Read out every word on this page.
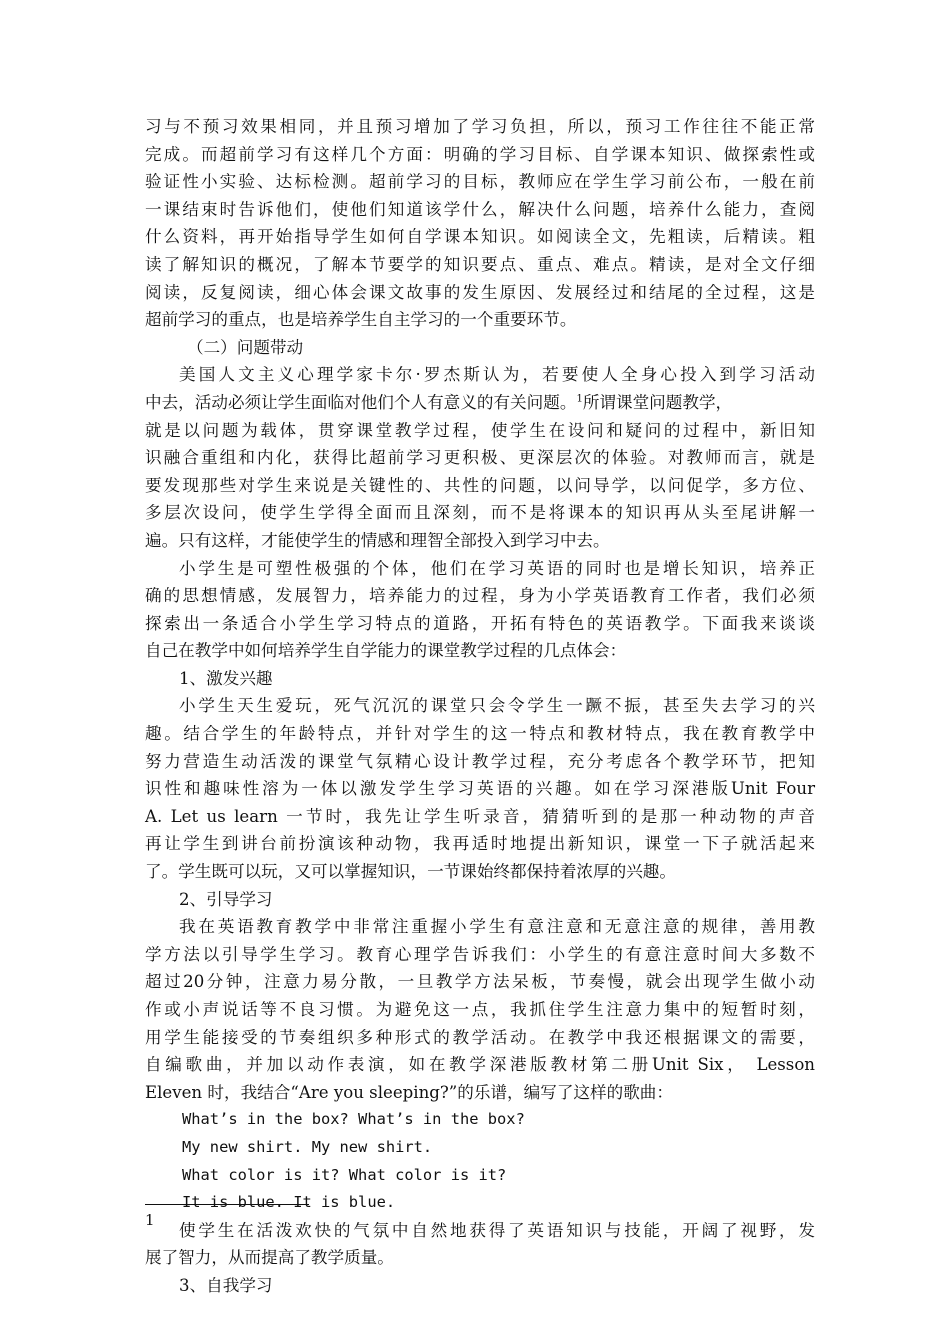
习与不预习效果相同，并且预习增加了学习负担，所以，预习工作往往不能正常
完成。而超前学习有这样几个方面：明确的学习目标、自学课本知识、做探索性或
验证性小实验、达标检测。超前学习的目标，教师应在学生学习前公布，一般在前
一课结束时告诉他们，使他们知道该学什么，解决什么问题，培养什么能力，查阅
什么资料，再开始指导学生如何自学课本知识。如阅读全文，先粗读，后精读。粗
读了解知识的概况，了解本节要学的知识要点、重点、难点。精读，是对全文仔细
阅读，反复阅读，细心体会课文故事的发生原因、发展经过和结尾的全过程，这是
超前学习的重点，也是培养学生自主学习的一个重要环节。
（二）问题带动
美国人文主义心理学家卡尔·罗杰斯认为，若要使人全身心投入到学习活动
中去，活动必须让学生面临对他们个人有意义的有关问题。$^1$所谓课堂问题教学，
就是以问题为载体，贯穿课堂教学过程，使学生在设问和疑问的过程中，新旧知
识融合重组和内化，获得比超前学习更积极、更深层次的体验。对教师而言，就是
要发现那些对学生来说是关键性的、共性的问题，以问导学，以问促学，多方位、
多层次设问，使学生学得全面而且深刻，而不是将课本的知识再从头至尾讲解一
遍。只有这样，才能使学生的情感和理智全部投入到学习中去。
小学生是可塑性极强的个体，他们在学习英语的同时也是增长知识，培养正
确的思想情感，发展智力，培养能力的过程，身为小学英语教育工作者，我们必须
探索出一条适合小学生学习特点的道路，开拓有特色的英语教学。下面我来谈谈
自己在教学中如何培养学生自学能力的课堂教学过程的几点体会：
1、激发兴趣
小学生天生爱玩，死气沉沉的课堂只会令学生一蹶不振，甚至失去学习的兴
趣。结合学生的年龄特点，并针对学生的这一特点和教材特点，我在教育教学中
努力营造生动活泼的课堂气氛精心设计教学过程，充分考虑各个教学环节，把知
识性和趣味性溶为一体以激发学生学习英语的兴趣。如在学习深港版Unit Four
A. Let us learn 一节时，我先让学生听录音，猜猜听到的是那一种动物的声音
再让学生到讲台前扮演该种动物，我再适时地提出新知识，课堂一下子就活起来
了。学生既可以玩，又可以掌握知识，一节课始终都保持着浓厚的兴趣。
2、引导学习
我在英语教育教学中非常注重握小学生有意注意和无意注意的规律，善用教
学方法以引导学生学习。教育心理学告诉我们：小学生的有意注意时间大多数不
超过20分钟，注意力易分散，一旦教学方法呆板，节奏慢，就会出现学生做小动
作或小声说话等不良习惯。为避免这一点，我抓住学生注意力集中的短暂时刻，
用学生能接受的节奏组织多种形式的教学活动。在教学中我还根据课文的需要，
自编歌曲，并加以动作表演，如在教学深港版教材第二册Unit Six， Lesson
Eleven 时，我结合“Are you sleeping?”的乐谱，编写了这样的歌曲：
What’s in the box? What’s in the box?
My new shirt. My new shirt.
What color is it? What color is it?
It is blue. It is blue.
使学生在活泼欢快的气氛中自然地获得了英语知识与技能，开阔了视野，发
展了智力，从而提高了教学质量。
3、自我学习
1
